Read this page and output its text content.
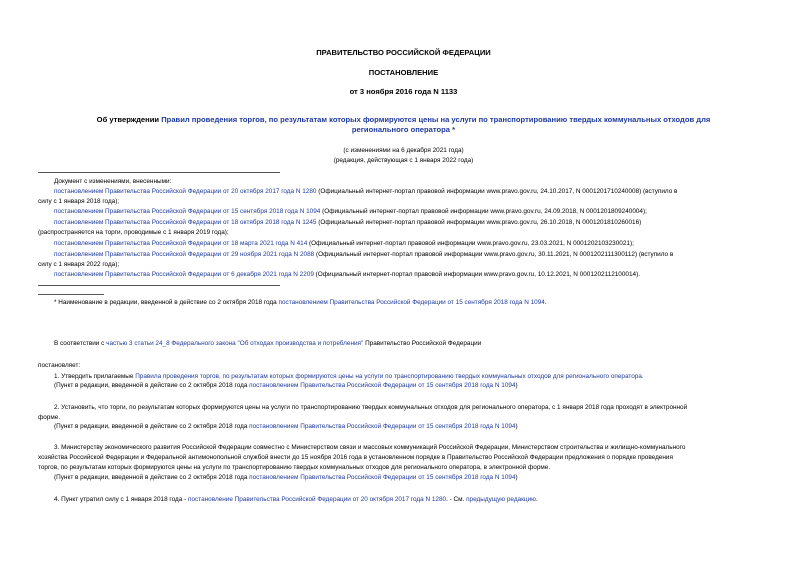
ПРАВИТЕЛЬСТВО РОССИЙСКОЙ ФЕДЕРАЦИИ
ПОСТАНОВЛЕНИЕ
от 3 ноября 2016 года N 1133
Об утверждении Правил проведения торгов, по результатам которых формируются цены на услуги по транспортированию твердых коммунальных отходов для
регионального оператора *
(с изменениями на 6 декабря 2021 года)
(редакция, действующая с 1 января 2022 года)
Документ с изменениями, внесенными:
постановлением Правительства Российской Федерации от 20 октября 2017 года N 1280 (Официальный интернет-портал правовой информации www.pravo.gov.ru, 24.10.2017, N 0001201710240008) (вступило в
силу с 1 января 2018 года);
постановлением Правительства Российской Федерации от 15 сентября 2018 года N 1094 (Официальный интернет-портал правовой информации www.pravo.gov.ru, 24.09.2018, N 0001201809240004);
постановлением Правительства Российской Федерации от 18 октября 2018 года N 1245 (Официальный интернет-портал правовой информации www.pravo.gov.ru, 26.10.2018, N 0001201810260016)
(распространяется на торги, проводимые с 1 января 2019 года);
постановлением Правительства Российской Федерации от 18 марта 2021 года N 414 (Официальный интернет-портал правовой информации www.pravo.gov.ru, 23.03.2021, N 0001202103230021);
постановлением Правительства Российской Федерации от 29 ноября 2021 года N 2088 (Официальный интернет-портал правовой информации www.pravo.gov.ru, 30.11.2021, N 0001202111300112) (вступило в
силу с 1 января 2022 года);
постановлением Правительства Российской Федерации от 6 декабря 2021 года N 2209 (Официальный интернет-портал правовой информации www.pravo.gov.ru, 10.12.2021, N 0001202112100014).
* Наименование в редакции, введенной в действие со 2 октября 2018 года постановлением Правительства Российской Федерации от 15 сентября 2018 года N 1094.
В соответствии с частью 3 статьи 24_8 Федерального закона "Об отходах производства и потребления" Правительство Российской Федерации
постановляет:
1. Утвердить прилагаемые Правила проведения торгов, по результатам которых формируются цены на услуги по транспортированию твердых коммунальных отходов для регионального оператора.
(Пункт в редакции, введенной в действие со 2 октября 2018 года постановлением Правительства Российской Федерации от 15 сентября 2018 года N 1094)
2. Установить, что торги, по результатам которых формируются цены на услуги по транспортированию твердых коммунальных отходов для регионального оператора, с 1 января 2018 года проходят в электронной
форме.
(Пункт в редакции, введенной в действие со 2 октября 2018 года постановлением Правительства Российской Федерации от 15 сентября 2018 года N 1094)
3. Министерству экономического развития Российской Федерации совместно с Министерством связи и массовых коммуникаций Российской Федерации, Министерством строительства и жилищно-коммунального
хозяйства Российской Федерации и Федеральной антимонопольной службой внести до 15 ноября 2016 года в установленном порядке в Правительство Российской Федерации предложения о порядке проведения
торгов, по результатам которых формируются цены на услуги по транспортированию твердых коммунальных отходов для регионального оператора, в электронной форме.
(Пункт в редакции, введенной в действие со 2 октября 2018 года постановлением Правительства Российской Федерации от 15 сентября 2018 года N 1094)
4. Пункт утратил силу с 1 января 2018 года - постановление Правительства Российской Федерации от 20 октября 2017 года N 1280. - См. предыдущую редакцию.
